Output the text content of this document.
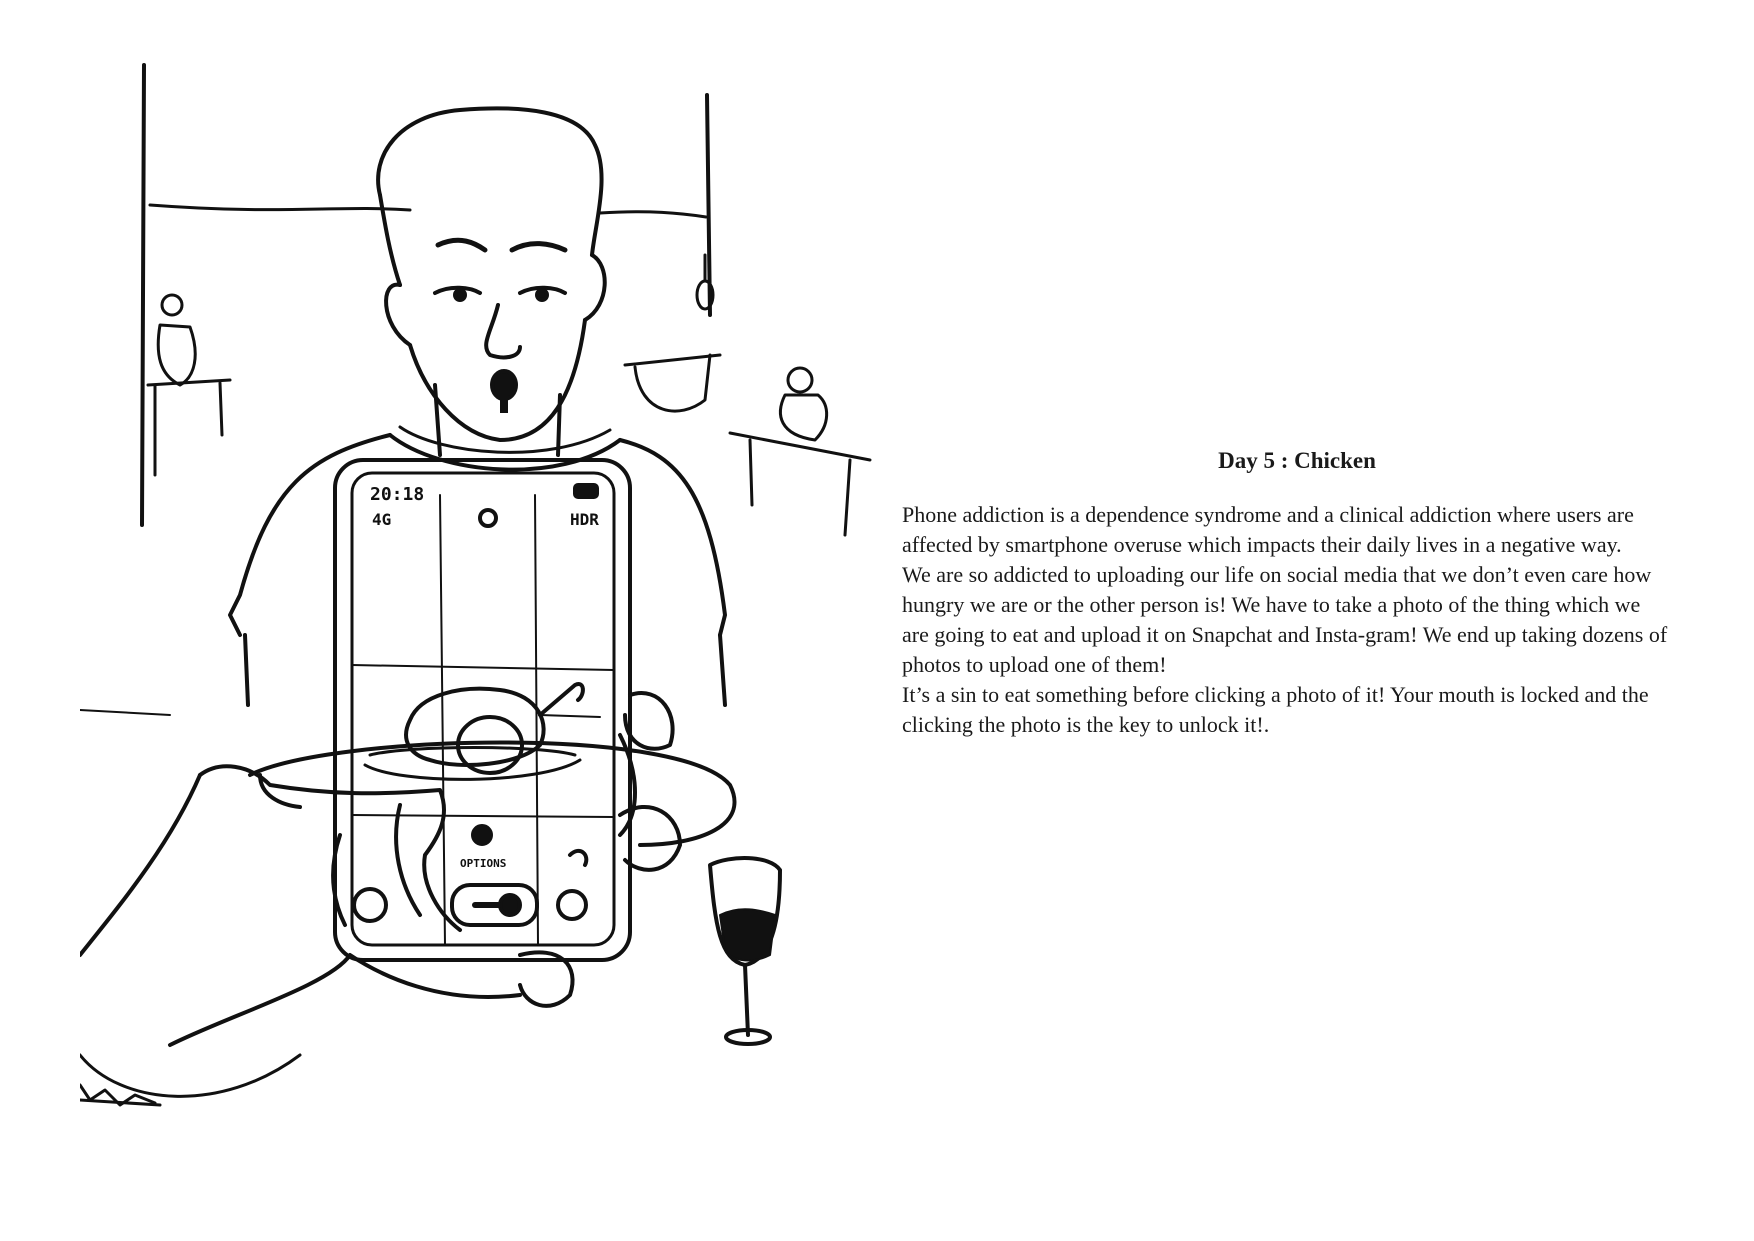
20:18
4G	HDR
OPTIONS
Day 5 : Chicken

Phone addiction is a dependence syndrome and a clinical addiction where users are affected by smartphone overuse which impacts their daily lives in a negative way.

We are so addicted to uploading our life on social media that we don’t even care how hungry we are or the other person is! We have to take a photo of the thing which we are going to eat and upload it on Snapchat and Insta-gram! We end up taking dozens of photos to upload one of them!

It’s a sin to eat something before clicking a photo of it! Your mouth is locked and the clicking the photo is the key to unlock it!.
